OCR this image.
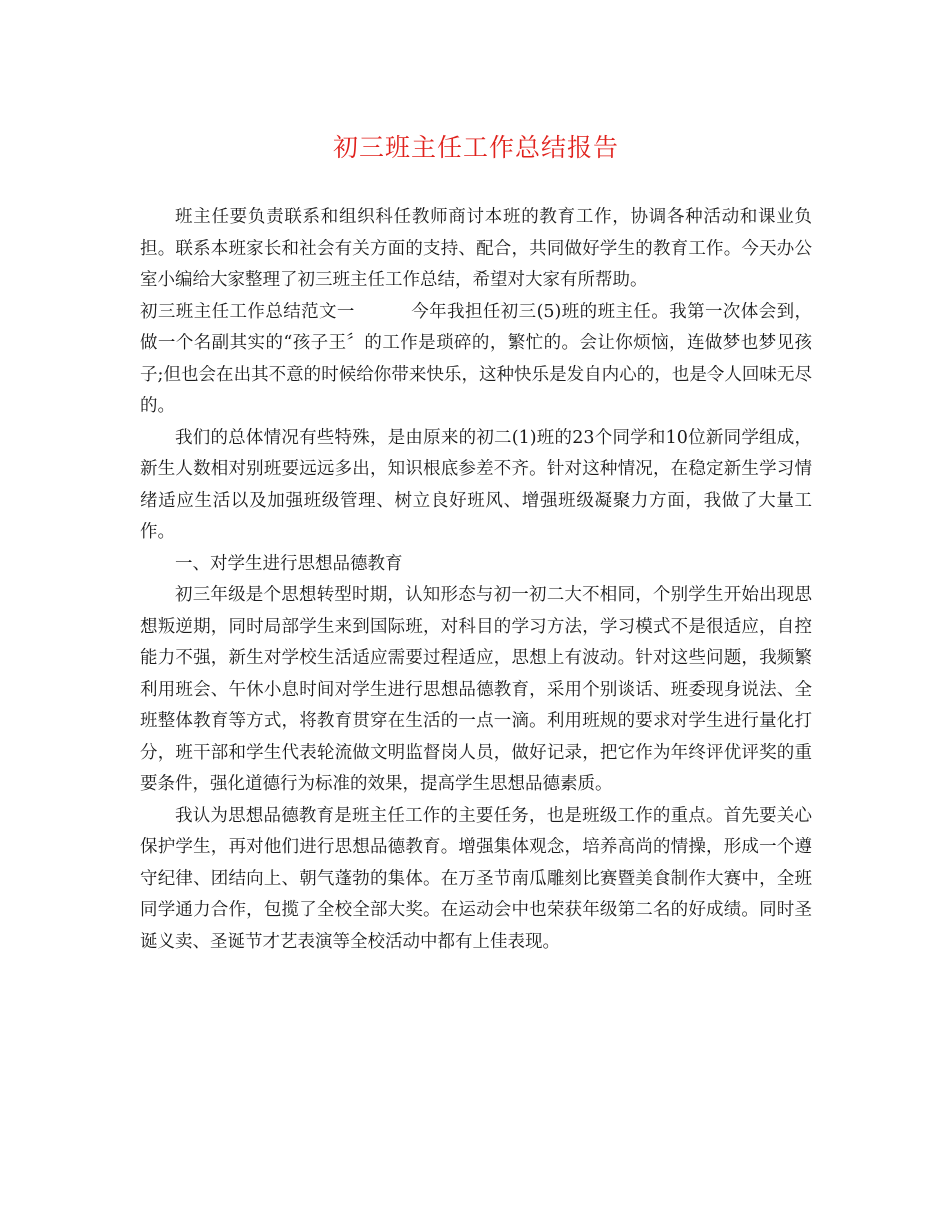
初三班主任工作总结报告

班主任要负责联系和组织科任教师商讨本班的教育工作，协调各种活动和课业负担。联系本班家长和社会有关方面的支持、配合，共同做好学生的教育工作。今天办公室小编给大家整理了初三班主任工作总结，希望对大家有所帮助。

初三班主任工作总结范文一	今年我担任初三(5)班的班主任。我第一次体会到，做一个名副其实的“孩子王〞的工作是琐碎的，繁忙的。会让你烦恼，连做梦也梦见孩子;但也会在出其不意的时候给你带来快乐，这种快乐是发自内心的，也是令人回味无尽的。

我们的总体情况有些特殊，是由原来的初二(1)班的23个同学和10位新同学组成，新生人数相对别班要远远多出，知识根底参差不齐。针对这种情况，在稳定新生学习情绪适应生活以及加强班级管理、树立良好班风、增强班级凝聚力方面，我做了大量工作。

一、对学生进行思想品德教育

初三年级是个思想转型时期，认知形态与初一初二大不相同，个别学生开始出现思想叛逆期，同时局部学生来到国际班，对科目的学习方法，学习模式不是很适应，自控能力不强，新生对学校生活适应需要过程适应，思想上有波动。针对这些问题，我频繁利用班会、午休小息时间对学生进行思想品德教育，采用个别谈话、班委现身说法、全班整体教育等方式，将教育贯穿在生活的一点一滴。利用班规的要求对学生进行量化打分，班干部和学生代表轮流做文明监督岗人员，做好记录，把它作为年终评优评奖的重要条件，强化道德行为标准的效果，提高学生思想品德素质。

我认为思想品德教育是班主任工作的主要任务，也是班级工作的重点。首先要关心保护学生，再对他们进行思想品德教育。增强集体观念，培养高尚的情操，形成一个遵守纪律、团结向上、朝气蓬勃的集体。在万圣节南瓜雕刻比赛暨美食制作大赛中，全班同学通力合作，包揽了全校全部大奖。在运动会中也荣获年级第二名的好成绩。同时圣诞义卖、圣诞节才艺表演等全校活动中都有上佳表现。
